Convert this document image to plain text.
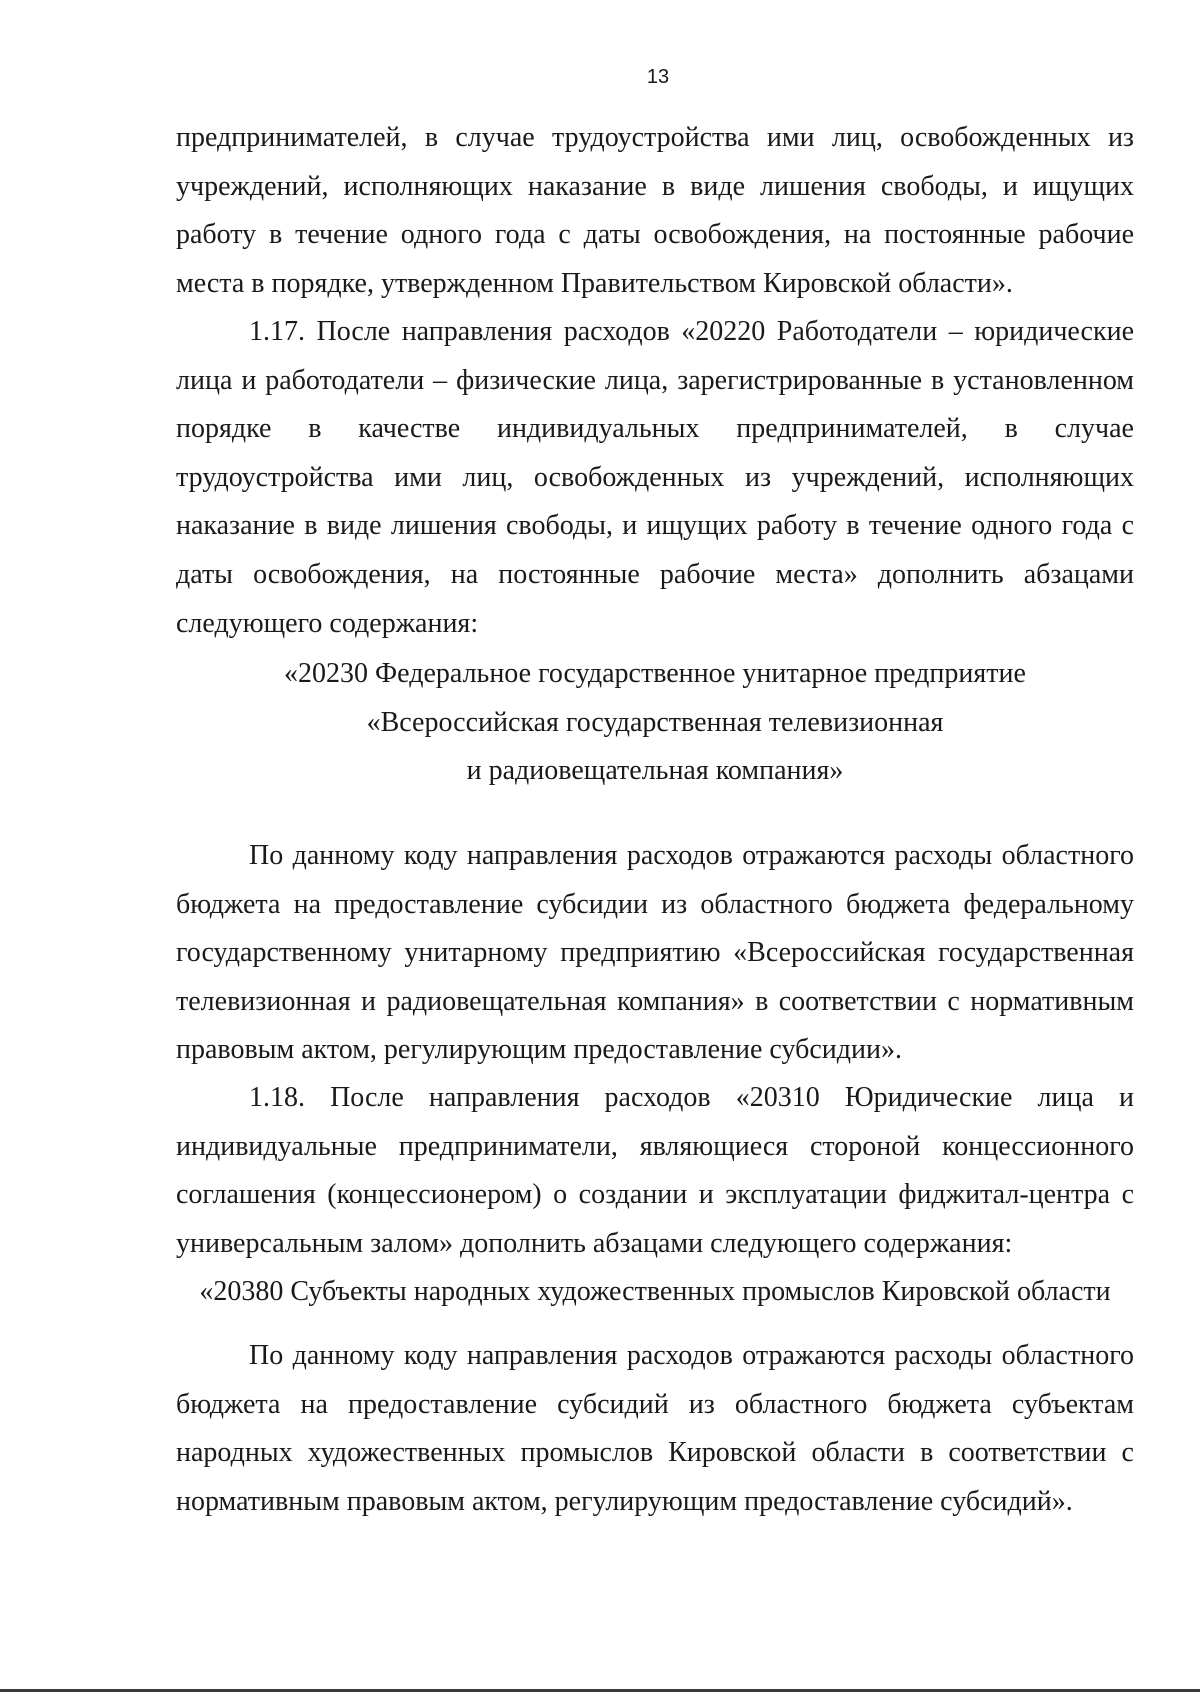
13
предпринимателей, в случае трудоустройства ими лиц, освобожденных из
учреждений, исполняющих наказание в виде лишения свободы, и ищущих
работу в течение одного года с даты освобождения, на постоянные рабочие
места в порядке, утвержденном Правительством Кировской области».
1.17. После направления расходов «20220 Работодатели – юридические
лица и работодатели – физические лица, зарегистрированные в установленном
порядке в качестве индивидуальных предпринимателей, в случае
трудоустройства ими лиц, освобожденных из учреждений, исполняющих
наказание в виде лишения свободы, и ищущих работу в течение одного года с
даты освобождения, на постоянные рабочие места» дополнить абзацами
следующего содержания:
«20230 Федеральное государственное унитарное предприятие
«Всероссийская государственная телевизионная
и радиовещательная компания»
По данному коду направления расходов отражаются расходы областного
бюджета на предоставление субсидии из областного бюджета федеральному
государственному унитарному предприятию «Всероссийская государственная
телевизионная и радиовещательная компания» в соответствии с нормативным
правовым актом, регулирующим предоставление субсидии».
1.18. После направления расходов «20310 Юридические лица и
индивидуальные предприниматели, являющиеся стороной концессионного
соглашения (концессионером) о создании и эксплуатации фиджитал-центра с
универсальным залом» дополнить абзацами следующего содержания:
«20380 Субъекты народных художественных промыслов Кировской области
По данному коду направления расходов отражаются расходы областного
бюджета на предоставление субсидий из областного бюджета субъектам
народных художественных промыслов Кировской области в соответствии с
нормативным правовым актом, регулирующим предоставление субсидий».
